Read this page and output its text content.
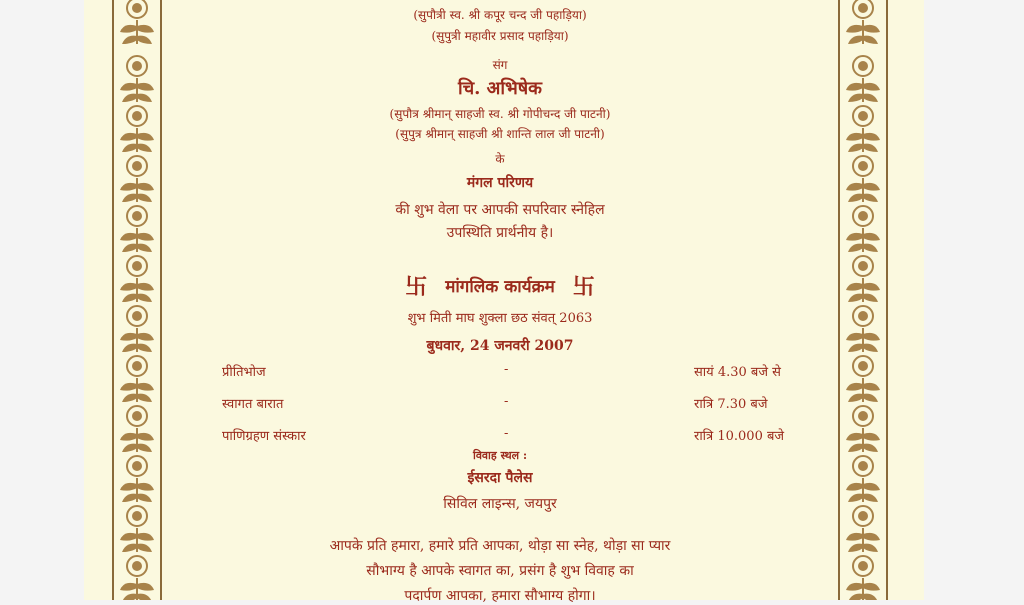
(सुपौत्री स्व. श्री कपूर चन्द जी पहाड़िया)
(सुपुत्री महावीर प्रसाद पहाड़िया)
संग
चि. अभिषेक
(सुपौत्र श्रीमान् साहजी स्व. श्री गोपीचन्द जी पाटनी)
(सुपुत्र श्रीमान् साहजी श्री शान्ति लाल जी पाटनी)
के
मंगल परिणय
की शुभ वेला पर आपकी सपरिवार स्नेहिल
उपस्थिति प्रार्थनीय है।
卐 मांगलिक कार्यक्रम 卐
शुभ मिती माघ शुक्ला छठ संवत् 2063
बुधवार, 24 जनवरी 2007
प्रीतिभोज	-	सायं 4.30 बजे से
स्वागत बारात	-	रात्रि 7.30 बजे
पाणिग्रहण संस्कार	-	रात्रि 10.000 बजे
विवाह स्थल :
ईसरदा पैलेस
सिविल लाइन्स, जयपुर
आपके प्रति हमारा, हमारे प्रति आपका, थोड़ा सा स्नेह, थोड़ा सा प्यार
सौभाग्य है आपके स्वागत का, प्रसंग है शुभ विवाह का
पदार्पण आपका, हमारा सौभाग्य होगा।
